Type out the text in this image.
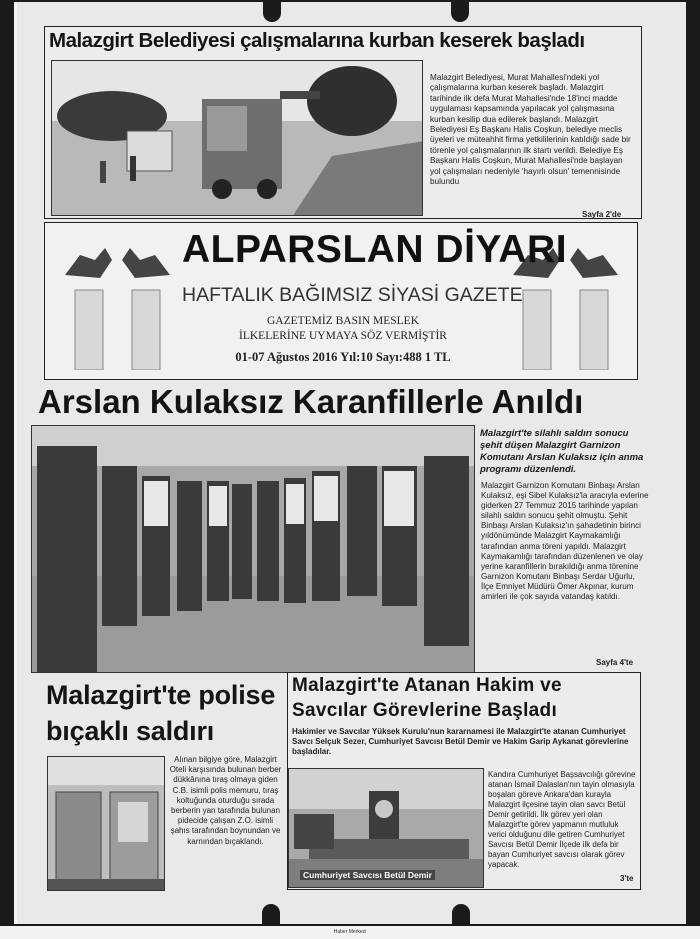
Malazgirt Belediyesi çalışmalarına kurban keserek başladı
Malazgirt Belediyesi, Murat Mahallesi'ndeki yol çalışmalarına kurban keserek başladı. Malazgirt tarihinde ilk defa Murat Mahallesi'nde 18'inci madde uygulaması kapsamında yapılacak yol çalışmasına kurban kesilip dua edilerek başlandı. Malazgirt Belediyesi Eş Başkanı Halis Coşkun, belediye meclis üyeleri ve müteahhit firma yetkililerinin katıldığı sade bir törenle yol çalışmalarının ilk startı verildi. Belediye Eş Başkanı Halis Coşkun, Murat Mahallesi'nde başlayan yol çalışmaları nedeniyle 'hayırlı olsun' temennisinde bulundu
Sayfa 2'de
ALPARSLAN DİYARI
HAFTALIK BAĞIMSIZ SİYASİ GAZETE
GAZETEMİZ BASIN MESLEK
İLKELERİNE UYMAYA SÖZ VERMİŞTİR
01-07 Ağustos 2016 Yıl:10 Sayı:488 1 TL
Arslan Kulaksız Karanfillerle Anıldı
Malazgirt'te silahlı saldırı sonucu şehit düşen Malazgirt Garnizon Komutanı Arslan Kulaksız için anma programı düzenlendi.
Malazgirt Garnizon Komutanı Binbaşı Arslan Kulaksız, eşi Sibel Kulaksız'la aracıyla evlerine giderken 27 Temmuz 2015 tarihinde yapılan silahlı saldırı sonucu şehit olmuştu. Şehit Binbaşı Arslan Kulaksız'ın şahadetinin birinci yıldönümünde Malazgirt Kaymakamlığı tarafından anma töreni yapıldı. Malazgirt Kaymakamlığı tarafından düzenlenen ve olay yerine karanfillerin bırakıldığı anma törenine Garnizon Komutanı Binbaşı Serdar Uğurlu, İlçe Emniyet Müdürü Ömer Akpınar, kurum amirleri ile çok sayıda vatandaş katıldı.
Sayfa 4'te
Malazgirt'te polise
bıçaklı saldırı
Alınan bilgiye göre, Malazgirt Oteli karşısında bulunan berber dükkânına tıraş olmaya giden C.B. isimli polis memuru, tıraş koltuğunda oturduğu sırada berberin yan tarafında bulunan pidecide çalışan Z.O. isimli şahıs tarafından boynundan ve karnından bıçaklandı.
Malazgirt'te Atanan Hakim ve
Savcılar Görevlerine Başladı
Hakimler ve Savcılar Yüksek Kurulu'nun kararnamesi ile Malazgirt'te atanan Cumhuriyet Savcı Selçuk Sezer, Cumhuriyet Savcısı Betül Demir ve Hakim Garip Aykanat görevlerine başladılar.
Cumhuriyet Savcısı Betül Demir
Kandıra Cumhuriyet Başsavcılığı görevine atanan İsmail Dalaslan'nın tayin olmasıyla boşalan göreve Ankara'dan kurayla Malazgirt ilçesine tayin olan savcı Betül Demir getirildi. İlk görev yeri olan Malazgirt'te görev yapmanın mutluluk verici olduğunu dile getiren Cumhuriyet Savcısı Betül Demir İlçede ilk defa bir bayan Cumhuriyet savcısı olarak görev yapacak.
3'te
Haber Merkezi
